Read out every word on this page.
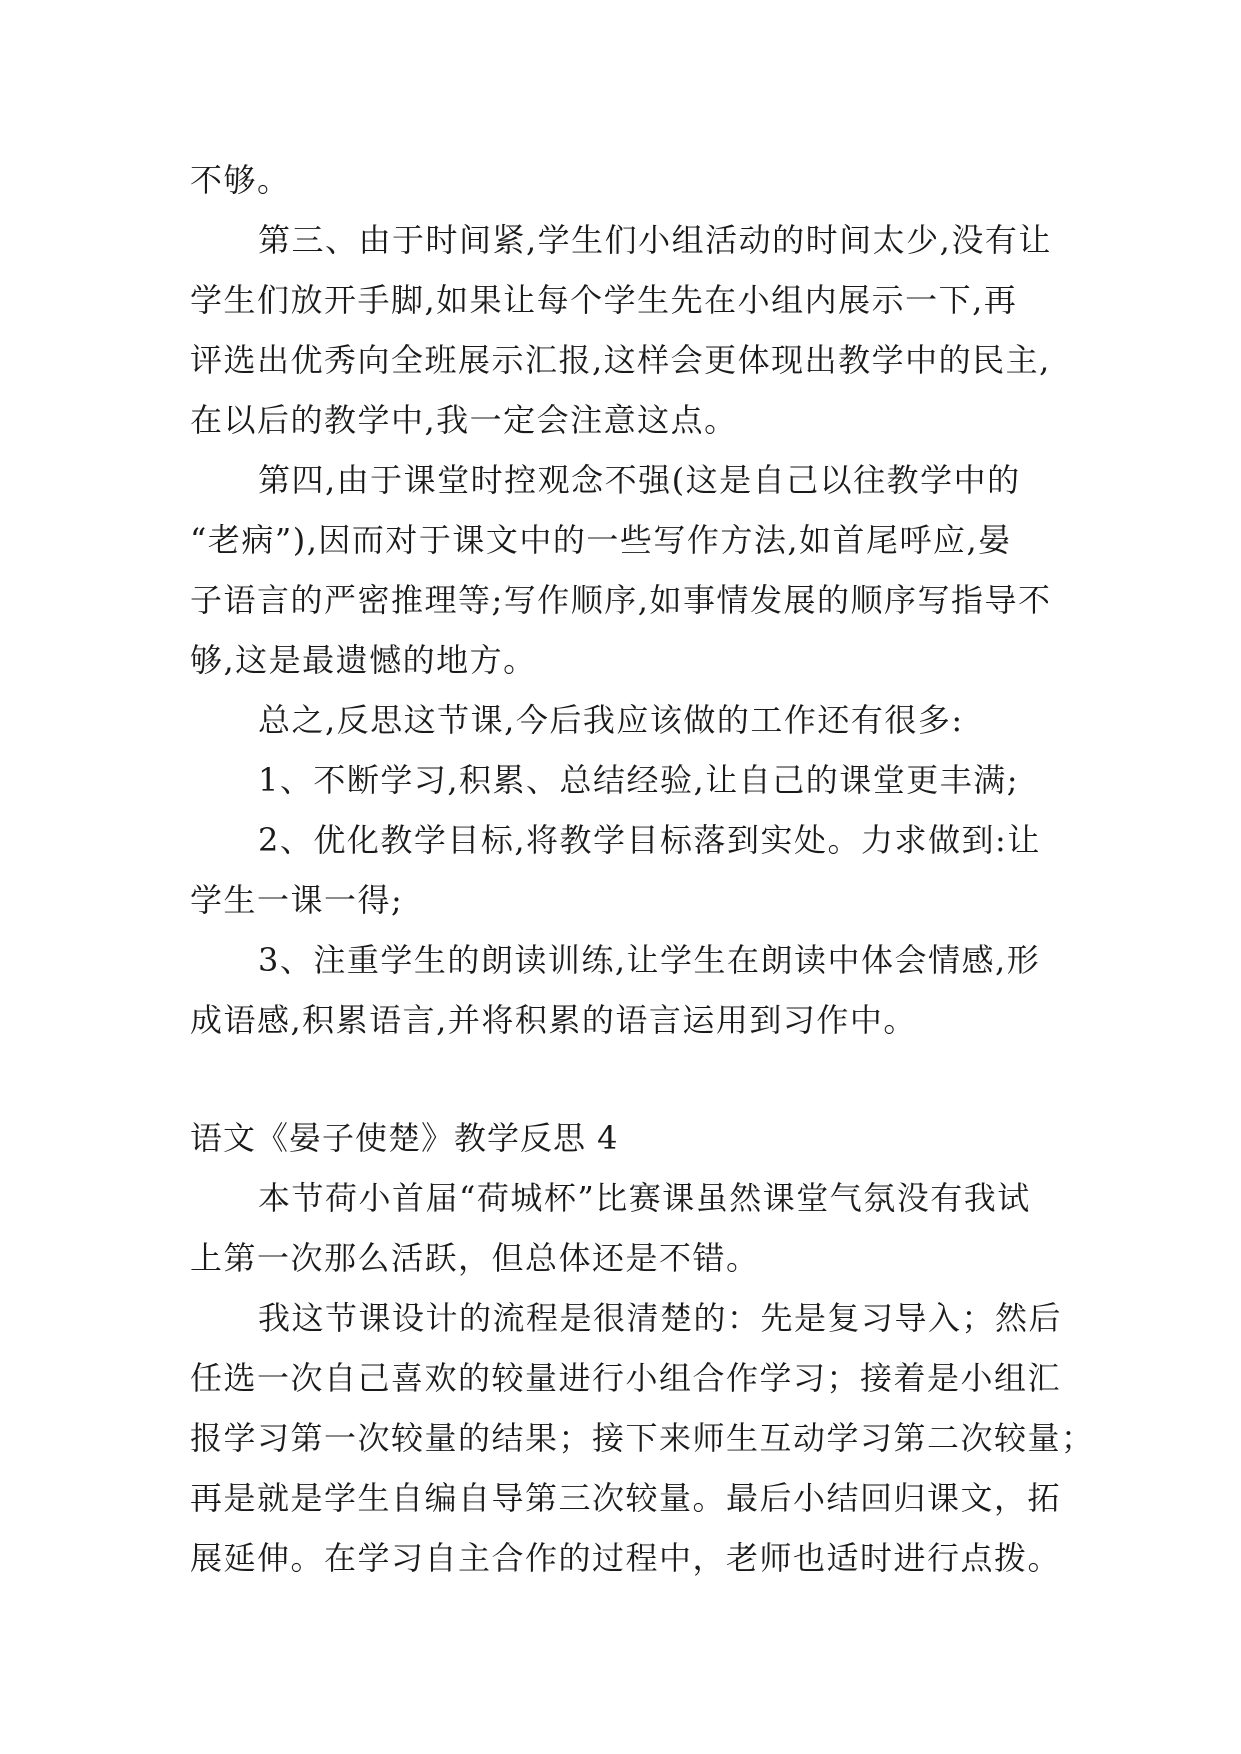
不够。
第三、由于时间紧,学生们小组活动的时间太少,没有让
学生们放开手脚,如果让每个学生先在小组内展示一下,再
评选出优秀向全班展示汇报,这样会更体现出教学中的民主,
在以后的教学中,我一定会注意这点。
第四,由于课堂时控观念不强(这是自己以往教学中的
“老病”),因而对于课文中的一些写作方法,如首尾呼应,晏
子语言的严密推理等;写作顺序,如事情发展的顺序写指导不
够,这是最遗憾的地方。
总之,反思这节课,今后我应该做的工作还有很多:
1、不断学习,积累、总结经验,让自己的课堂更丰满;
2、优化教学目标,将教学目标落到实处。力求做到:让
学生一课一得;
3、注重学生的朗读训练,让学生在朗读中体会情感,形
成语感,积累语言,并将积累的语言运用到习作中。
语文《晏子使楚》教学反思 4
本节荷小首届“荷城杯”比赛课虽然课堂气氛没有我试
上第一次那么活跃，但总体还是不错。
我这节课设计的流程是很清楚的：先是复习导入；然后
任选一次自己喜欢的较量进行小组合作学习；接着是小组汇
报学习第一次较量的结果；接下来师生互动学习第二次较量；
再是就是学生自编自导第三次较量。最后小结回归课文，拓
展延伸。在学习自主合作的过程中，老师也适时进行点拨。
